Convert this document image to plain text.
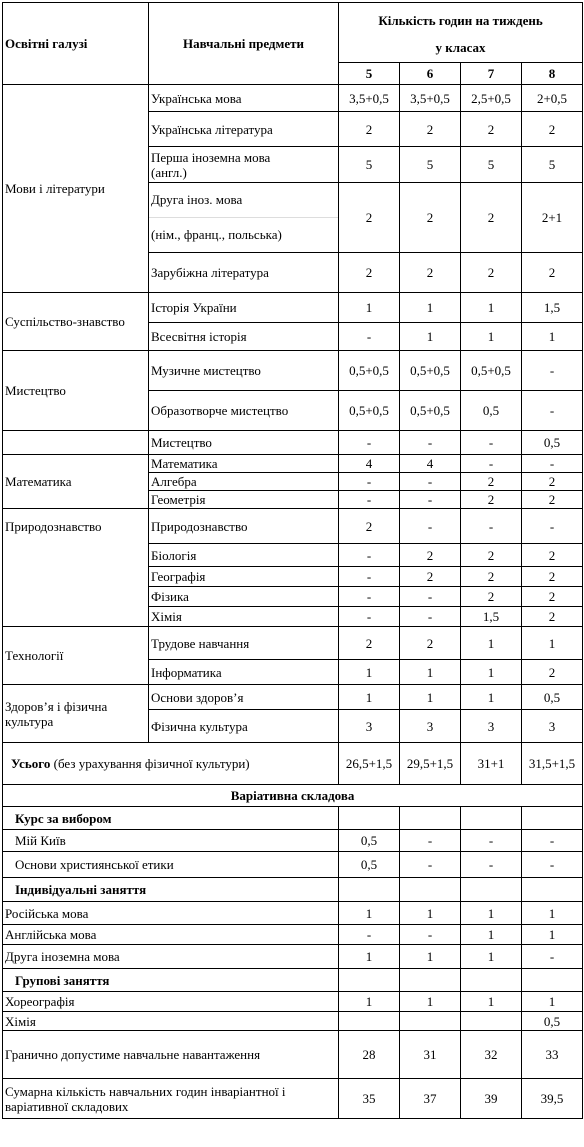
Освітні галузі	Навчальні предмети	Кількість годин на тиждень
у класах			

		5	6	7	8
Мови і літератури	Українська мова	3,5+0,5	3,5+0,5	2,5+0,5	2+0,5
	Українська література	2	2	2	2

	Перша іноземна мова
(англ.)	5	5	5	5

	Друга іноз. мова
(нім., франц., польська)	2	2	2	2+1
	Зарубіжна література	2	2	2	2
Суспільство-знавство	Історія України	1	1	1	1,5
	Всесвітня історія	-	1	1	1
Мистецтво	Музичне мистецтво	0,5+0,5	0,5+0,5	0,5+0,5	-
	Образотворче мистецтво	0,5+0,5	0,5+0,5	0,5	-
	Мистецтво	-	-	-	0,5
Математика	Математика	4	4	-	-
	Алгебра	-	-	2	2
	Геометрія	-	-	2	2
Природознавство	Природознавство	2	-	-	-
	Біологія	-	2	2	2
	Географія	-	2	2	2
	Фізика	-	-	2	2
	Хімія	-	-	1,5	2
Технології	Трудове навчання	2	2	1	1
	Інформатика	1	1	1	2

Здоров’я і фізична
культура	Основи здоров’я	1	1	1	0,5
	Фізична культура	3	3	3	3
Усього (без урахування фізичної культури)		26,5+1,5	29,5+1,5	31+1	31,5+1,5
Варіативна складова					
Курс за вибором					
Мій Київ		0,5	-	-	-
Основи християнської етики		0,5	-	-	-
Індивідуальні заняття					
Російська мова		1	1	1	1
Англійська мова		-	-	1	1
Друга іноземна мова		1	1	1	-
Групові заняття					
Хореографія		1	1	1	1
Хімія					0,5
Гранично допустиме навчальне навантаження		28	31	32	33

Сумарна кількість навчальних годин інваріантної і
варіативної складових		35	37	39	39,5
